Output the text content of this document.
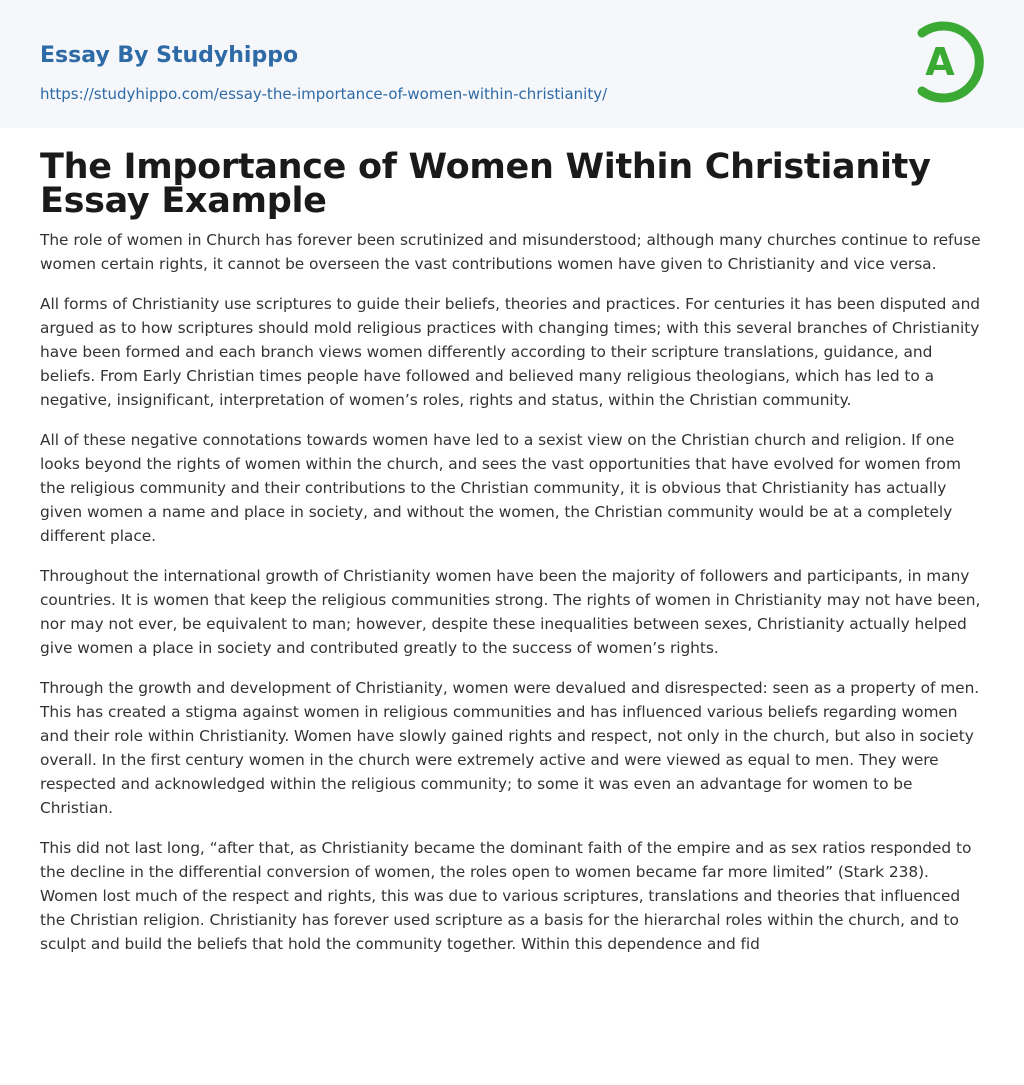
Essay By Studyhippo
https://studyhippo.com/essay-the-importance-of-women-within-christianity/
A
The Importance of Women Within Christianity Essay Example

The role of women in Church has forever been scrutinized and misunderstood; although many churches continue to refuse women certain rights, it cannot be overseen the vast contributions women have given to Christianity and vice versa.

All forms of Christianity use scriptures to guide their beliefs, theories and practices. For centuries it has been disputed and argued as to how scriptures should mold religious practices with changing times; with this several branches of Christianity have been formed and each branch views women differently according to their scripture translations, guidance, and beliefs. From Early Christian times people have followed and believed many religious theologians, which has led to a negative, insignificant, interpretation of women’s roles, rights and status, within the Christian community.

All of these negative connotations towards women have led to a sexist view on the Christian church and religion. If one looks beyond the rights of women within the church, and sees the vast opportunities that have evolved for women from the religious community and their contributions to the Christian community, it is obvious that Christianity has actually given women a name and place in society, and without the women, the Christian community would be at a completely different place.

Throughout the international growth of Christianity women have been the majority of followers and participants, in many countries. It is women that keep the religious communities strong. The rights of women in Christianity may not have been, nor may not ever, be equivalent to man; however, despite these inequalities between sexes, Christianity actually helped give women a place in society and contributed greatly to the success of women’s rights.

Through the growth and development of Christianity, women were devalued and disrespected: seen as a property of men. This has created a stigma against women in religious communities and has influenced various beliefs regarding women and their role within Christianity. Women have slowly gained rights and respect, not only in the church, but also in society overall. In the first century women in the church were extremely active and were viewed as equal to men. They were respected and acknowledged within the religious community; to some it was even an advantage for women to be Christian.

This did not last long, “after that, as Christianity became the dominant faith of the empire and as sex ratios responded to the decline in the differential conversion of women, the roles open to women became far more limited” (Stark 238). Women lost much of the respect and rights, this was due to various scriptures, translations and theories that influenced the Christian religion. Christianity has forever used scripture as a basis for the hierarchal roles within the church, and to sculpt and build the beliefs that hold the community together. Within this dependence and fid
